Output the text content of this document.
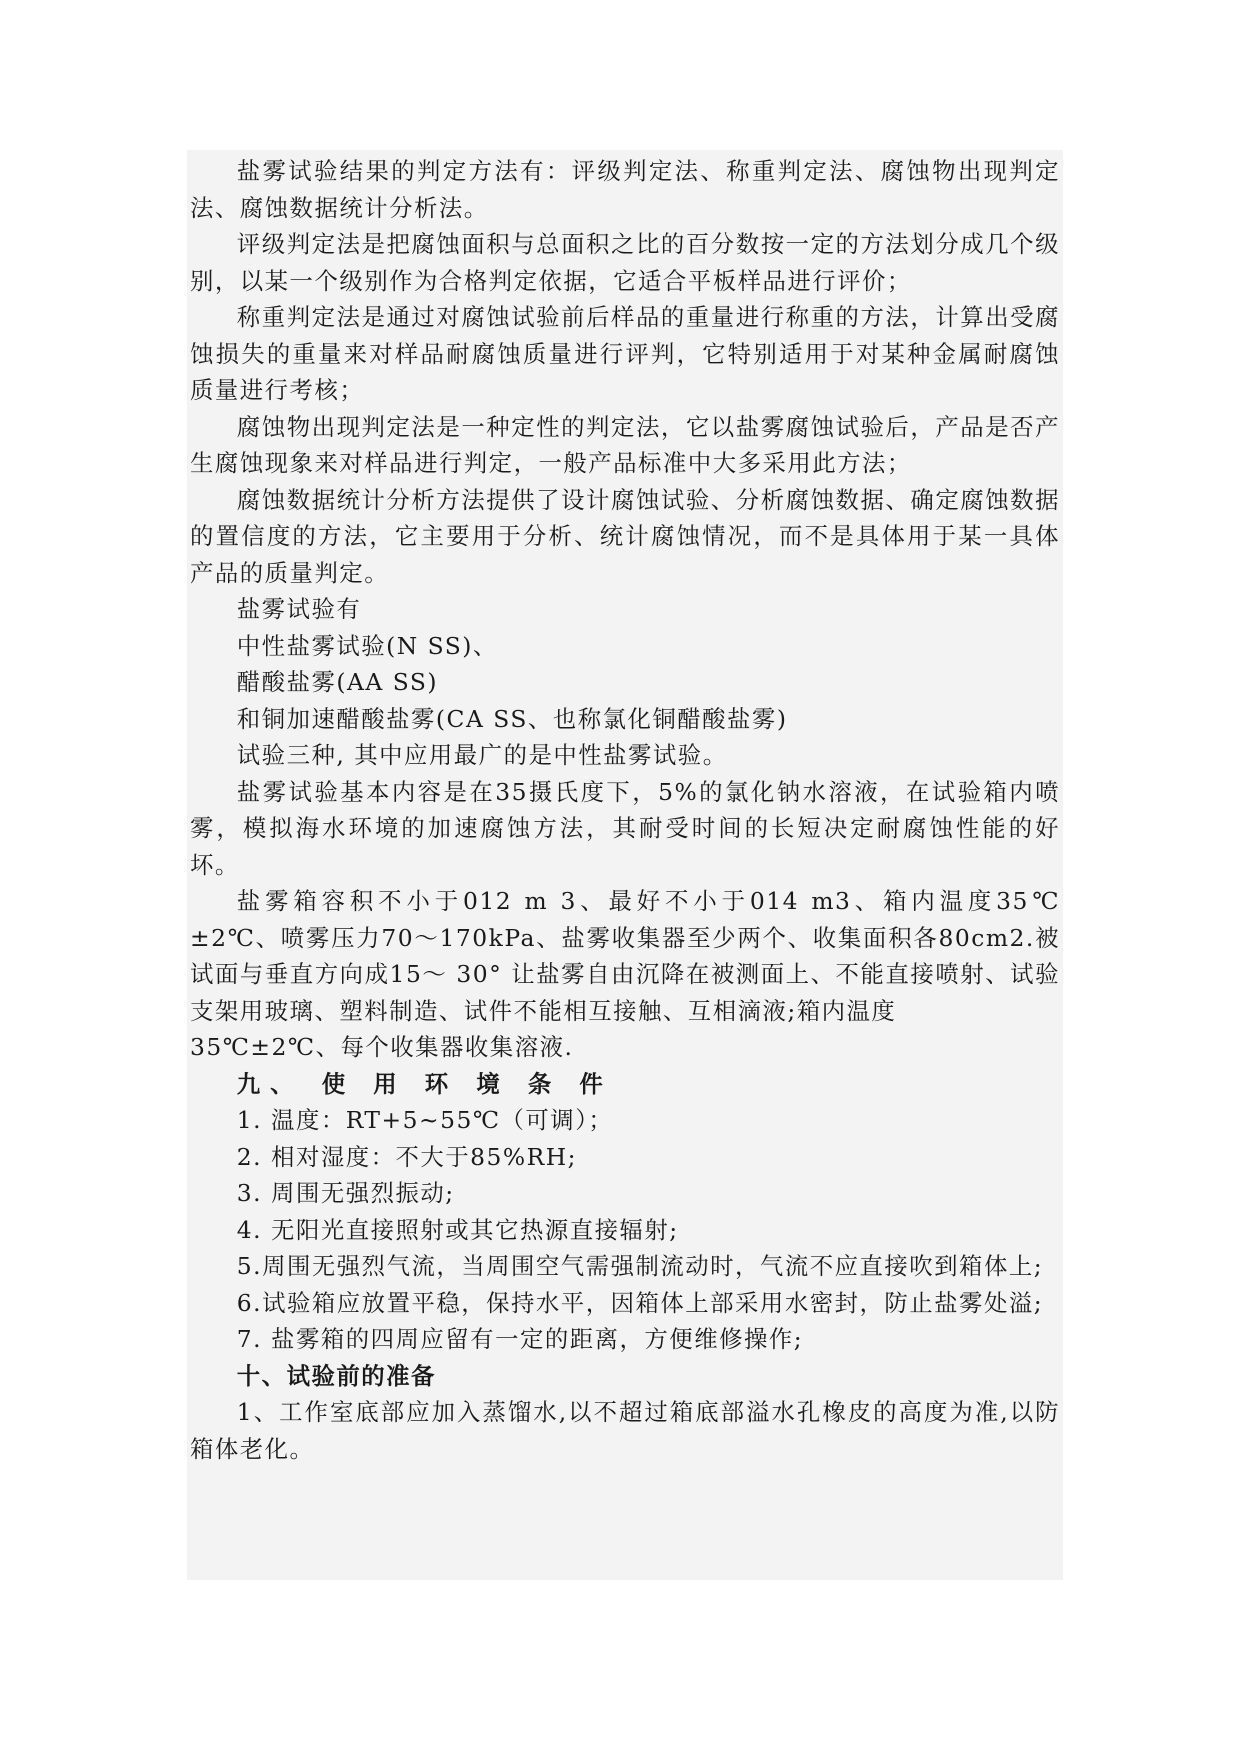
盐雾试验结果的判定方法有：评级判定法、称重判定法、腐蚀物出现判定法、腐蚀数据统计分析法。

评级判定法是把腐蚀面积与总面积之比的百分数按一定的方法划分成几个级别，以某一个级别作为合格判定依据，它适合平板样品进行评价；

称重判定法是通过对腐蚀试验前后样品的重量进行称重的方法，计算出受腐蚀损失的重量来对样品耐腐蚀质量进行评判，它特别适用于对某种金属耐腐蚀质量进行考核；

腐蚀物出现判定法是一种定性的判定法，它以盐雾腐蚀试验后，产品是否产生腐蚀现象来对样品进行判定，一般产品标准中大多采用此方法；

腐蚀数据统计分析方法提供了设计腐蚀试验、分析腐蚀数据、确定腐蚀数据的置信度的方法，它主要用于分析、统计腐蚀情况，而不是具体用于某一具体产品的质量判定。

盐雾试验有

中性盐雾试验(N SS)、

醋酸盐雾(AA SS)

和铜加速醋酸盐雾(CA SS、也称氯化铜醋酸盐雾)

试验三种, 其中应用最广的是中性盐雾试验。

盐雾试验基本内容是在35摄氏度下，5%的氯化钠水溶液，在试验箱内喷雾，模拟海水环境的加速腐蚀方法，其耐受时间的长短决定耐腐蚀性能的好坏。

盐雾箱容积不小于012 m 3、最好不小于014 m3、箱内温度35℃±2℃、喷雾压力70～170kPa、盐雾收集器至少两个、收集面积各80cm2.被试面与垂直方向成15～ 30° 让盐雾自由沉降在被测面上、不能直接喷射、试验支架用玻璃、塑料制造、试件不能相互接触、互相滴液;箱内温度

35℃±2℃、每个收集器收集溶液.

九、 使 用 环 境 条 件

1. 温度：RT+5~55℃（可调）；

2. 相对湿度：不大于85%RH;

3. 周围无强烈振动;

4. 无阳光直接照射或其它热源直接辐射;

5.周围无强烈气流，当周围空气需强制流动时，气流不应直接吹到箱体上;

6.试验箱应放置平稳，保持水平，因箱体上部采用水密封，防止盐雾处溢;

7. 盐雾箱的四周应留有一定的距离，方便维修操作;

十、试验前的准备

1、工作室底部应加入蒸馏水,以不超过箱底部溢水孔橡皮的高度为准,以防箱体老化。
